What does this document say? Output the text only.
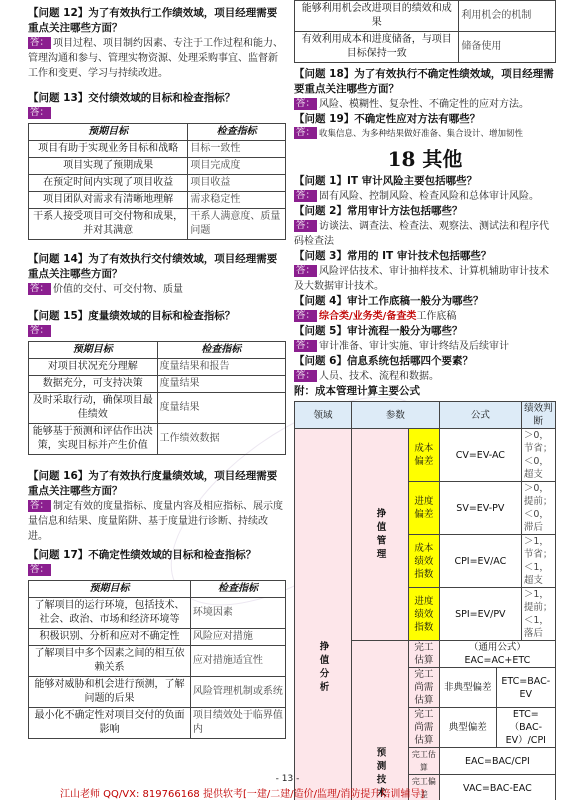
【问题 12】为了有效执行工作绩效域，项目经理需要重点关注哪些方面？

答： 项目过程、项目制约因素、专注于工作过程和能力、管理沟通和参与、管理实物资源、处理采购事宜、监督新工作和变更、学习与持续改进。

【问题 13】交付绩效域的目标和检查指标？

答：

预期目标	检查指标
项目有助于实现业务目标和战略	目标一致性
项目实现了预期成果	项目完成度
在预定时间内实现了项目收益	项目收益
项目团队对需求有清晰地理解	需求稳定性
干系人接受项目可交付物和成果，并对其满意	干系人满意度、质量问题

【问题 14】为了有效执行交付绩效域，项目经理需要重点关注哪些方面？

答： 价值的交付、可交付物、质量

【问题 15】度量绩效域的目标和检查指标？

答：

预期目标	检查指标
对项目状况充分理解	度量结果和报告
数据充分，可支持决策	度量结果
及时采取行动，确保项目最佳绩效	度量结果
能够基于预测和评估作出决策，实现目标并产生价值	工作绩效数据

【问题 16】为了有效执行度量绩效域，项目经理需要重点关注哪些方面？

答： 制定有效的度量指标、度量内容及相应指标、展示度量信息和结果、度量陷阱、基于度量进行诊断、持续改进。

【问题 17】不确定性绩效域的目标和检查指标？

答：

预期目标	检查指标
了解项目的运行环境，包括技术、社会、政治、市场和经济环境等	环境因素
积极识别、分析和应对不确定性	风险应对措施
了解项目中多个因素之间的相互依赖关系	应对措施适宜性
能够对威胁和机会进行预测，了解问题的后果	风险管理机制或系统
最小化不确定性对项目交付的负面影响	项目绩效处于临界值内
能够利用机会改进项目的绩效和成果	利用机会的机制
有效利用成本和进度储备，与项目目标保持一致	储备使用

【问题 18】为了有效执行不确定性绩效域，项目经理需要重点关注哪些方面？

答： 风险、模糊性、复杂性、不确定性的应对方法。

【问题 19】不确定性应对方法有哪些？

答： 收集信息、为多种结果做好准备、集合设计、增加韧性

18 其他

【问题 1】IT 审计风险主要包括哪些？

答： 固有风险、控制风险、检查风险和总体审计风险。

【问题 2】常用审计方法包括哪些？

答： 访谈法、调查法、检查法、观察法、测试法和程序代码检查法

【问题 3】常用的 IT 审计技术包括哪些？

答： 风险评估技术、审计抽样技术、计算机辅助审计技术及大数据审计技术。

【问题 4】审计工作底稿一般分为哪些？

答： 综合类/业务类/备查类工作底稿

【问题 5】审计流程一般分为哪些？

答： 审计准备、审计实施、审计终结及后续审计

【问题 6】信息系统包括哪四个要素？

答： 人员、技术、流程和数据。

附：成本管理计算主要公式

领域	参数		公式		绩效判断
挣值分析	挣值管理	成本偏差	CV=EV-AC		＞0，节省；＜0，超支
		进度偏差	SV=EV-PV		＞0，提前；＜0，滞后
		成本绩效指数	CPI=EV/AC		＞1，节省；＜1，超支
		进度绩效指数	SPI=EV/PV		＞1，提前；＜1，落后
	预测技术	完工估算	（通用公式）EAC=AC+ETC		
		完工尚需估算	非典型偏差	ETC=BAC-EV	
		完工尚需估算	典型偏差	ETC=（BAC-EV）/CPI	
		完工估算	EAC=BAC/CPI		
		完工偏差	VAC=BAC-EAC		

- 13 -
江山老师 QQ/VX: 819766168 提供软考[一建/二建/造价/监理/消防提升培训辅导]
